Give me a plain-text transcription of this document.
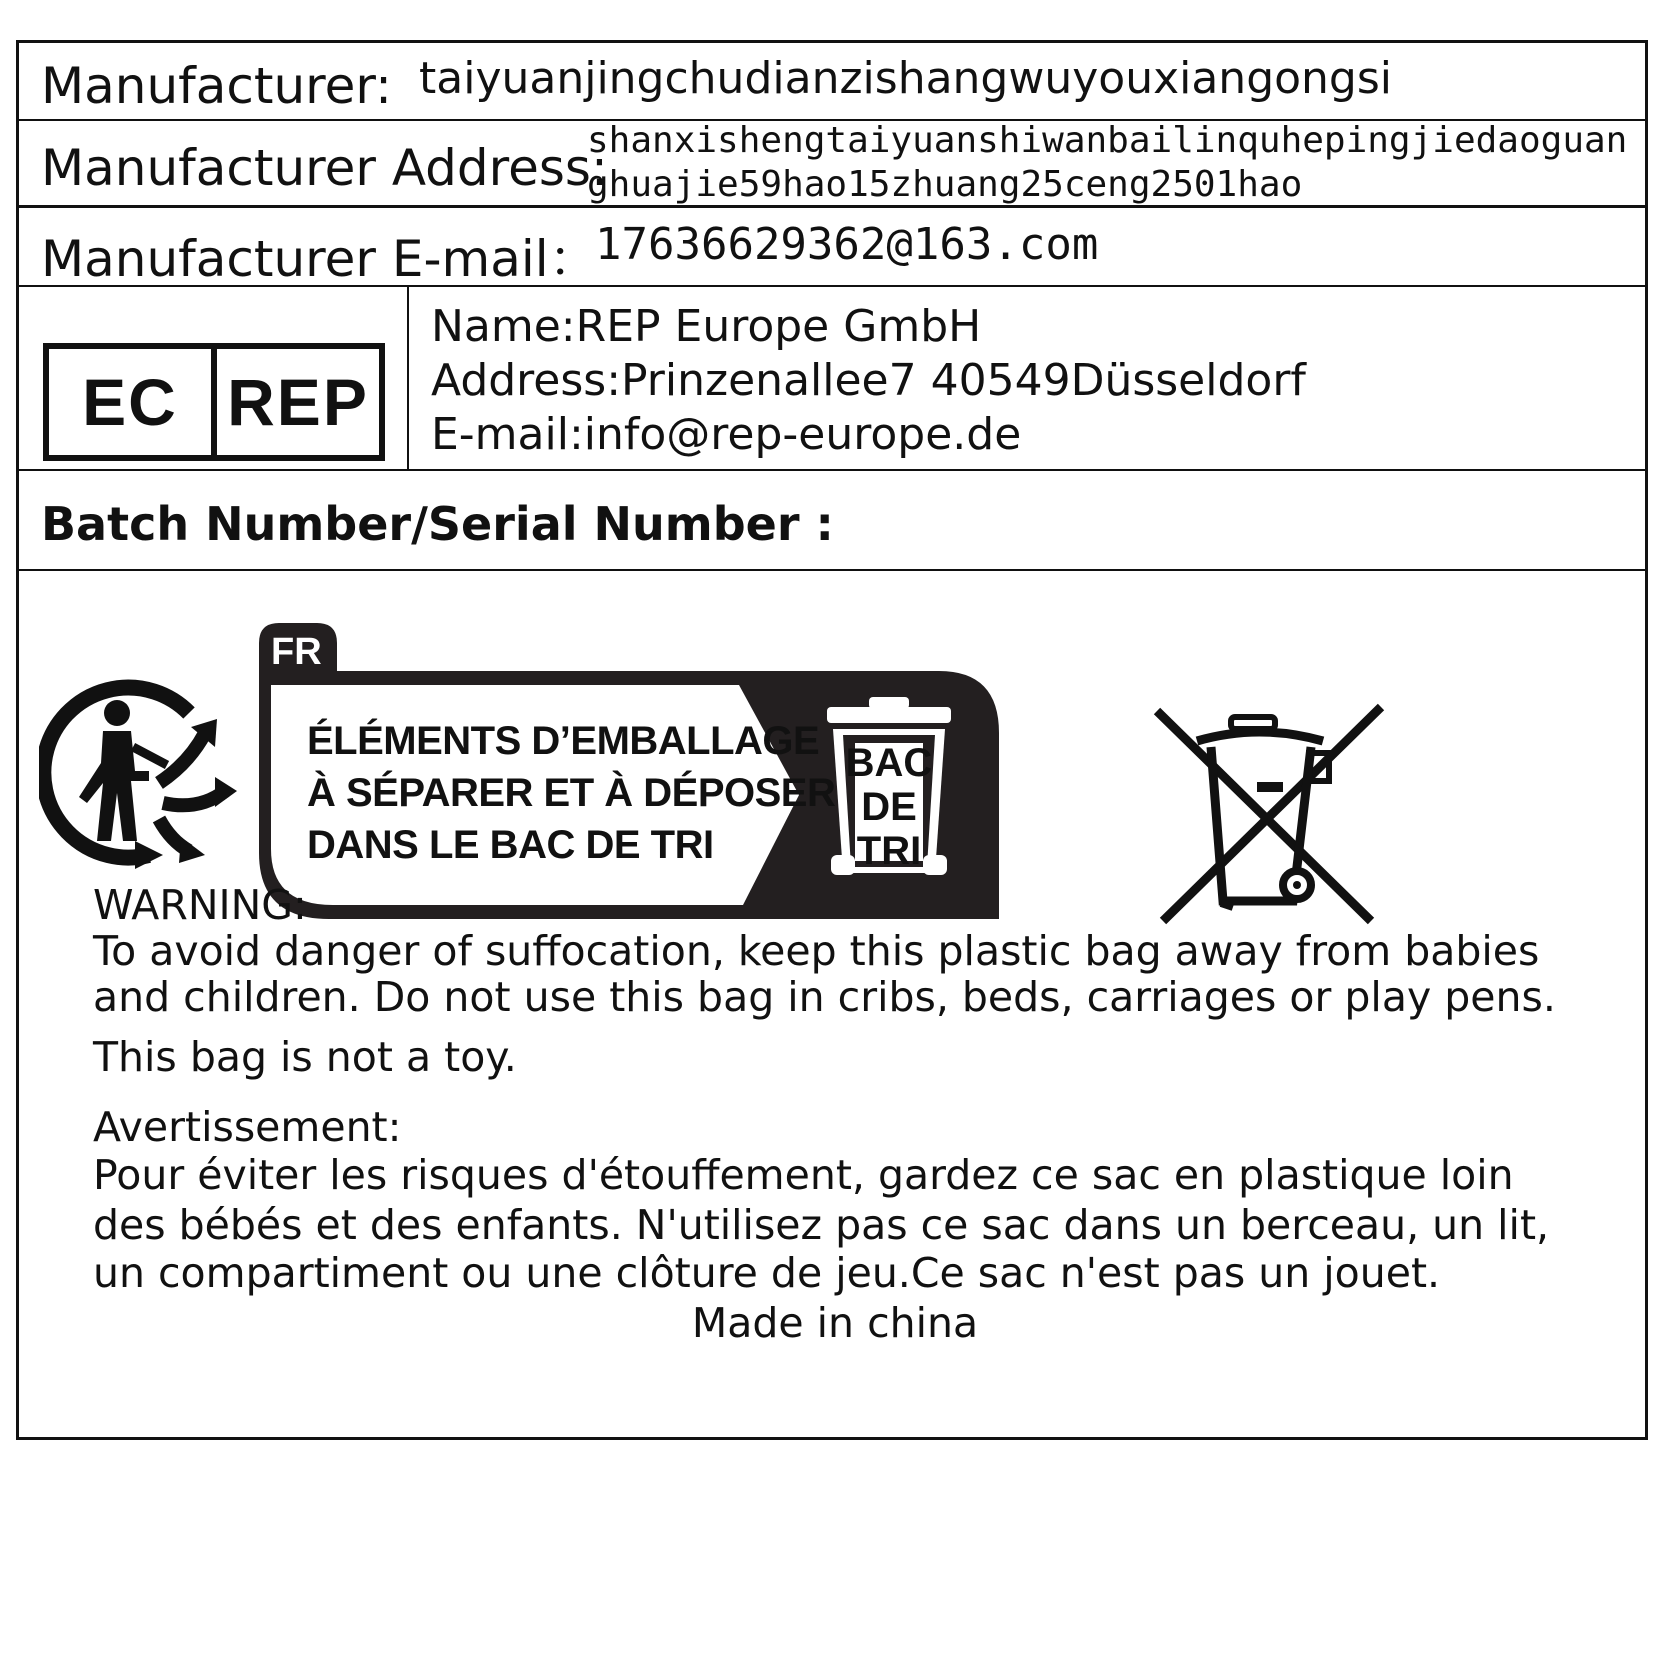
Manufacturer: taiyuanjingchudianzishangwuyouxiangongsi
Manufacturer Address:
shanxishengtaiyuanshiwanbailinquhepingjiedaoguan
ghuajie59hao15zhuang25ceng2501hao
Manufacturer E-mail：
17636629362@163.com
EC REP
Name:REP Europe GmbH
Address:Prinzenallee7 40549Düsseldorf
E-mail:info@rep-europe.de
Batch Number/Serial Number :
FR
ÉLÉMENTS D’EMBALLAGE
À SÉPARER ET À DÉPOSER
DANS LE BAC DE TRI
BAC
DE
TRI
WARNING:
To avoid danger of suffocation, keep this plastic bag away from babies
and children. Do not use this bag in cribs, beds, carriages or play pens.
This bag is not a toy.
Avertissement:
Pour éviter les risques d'étouffement, gardez ce sac en plastique loin
des bébés et des enfants. N'utilisez pas ce sac dans un berceau, un lit,
un compartiment ou une clôture de jeu.Ce sac n'est pas un jouet.
Made in china
